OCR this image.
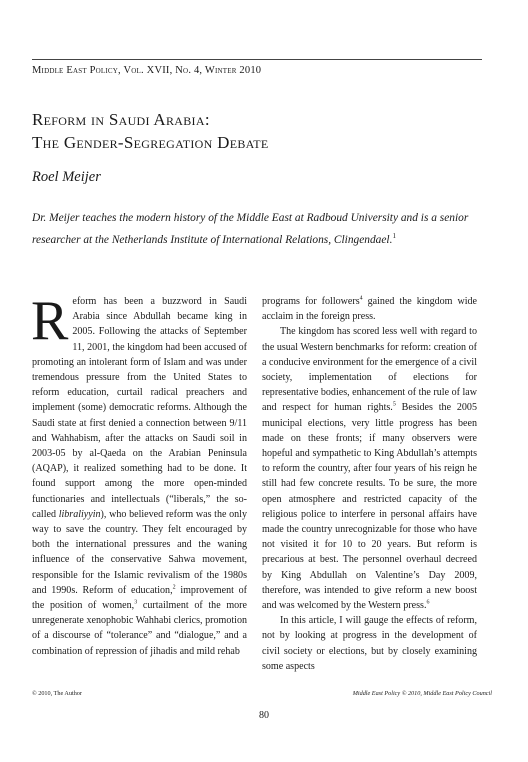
Middle East Policy, Vol. XVII, No. 4, Winter 2010
Reform in Saudi Arabia:
The Gender-Segregation Debate
Roel Meijer
Dr. Meijer teaches the modern history of the Middle East at Radboud University and is a senior researcher at the Netherlands Institute of International Relations, Clingendael.$^1$

Reform has been a buzzword in Saudi Arabia since Abdullah became king in 2005. Following the attacks of September 11, 2001, the kingdom had been accused of promoting an intolerant form of Islam and was under tremendous pressure from the United States to reform education, curtail radical preachers and implement (some) democratic reforms. Although the Saudi state at first denied a connection between 9/11 and Wahhabism, after the attacks on Saudi soil in 2003-05 by al-Qaeda on the Arabian Peninsula (AQAP), it realized something had to be done. It found support among the more open-minded functionaries and intellectuals (“liberals,” the so-called libraliyyin), who believed reform was the only way to save the country. They felt encouraged by both the international pressures and the waning influence of the conservative Sahwa movement, responsible for the Islamic revivalism of the 1980s and 1990s. Reform of education,$^2$ improvement of the position of women,$^3$ curtailment of the more unregenerate xenophobic Wahhabi clerics, promotion of a discourse of “tolerance” and “dialogue,” and a combination of repression of jihadis and mild rehab

programs for followers$^4$ gained the kingdom wide acclaim in the foreign press.

The kingdom has scored less well with regard to the usual Western benchmarks for reform: creation of a conducive environment for the emergence of a civil society, implementation of elections for representative bodies, enhancement of the rule of law and respect for human rights.$^5$ Besides the 2005 municipal elections, very little progress has been made on these fronts; if many observers were hopeful and sympathetic to King Abdullah’s attempts to reform the country, after four years of his reign he still had few concrete results. To be sure, the more open atmosphere and restricted capacity of the religious police to interfere in personal affairs have made the country unrecognizable for those who have not visited it for 10 to 20 years. But reform is precarious at best. The personnel overhaul decreed by King Abdullah on Valentine’s Day 2009, therefore, was intended to give reform a new boost and was welcomed by the Western press.$^6$

In this article, I will gauge the effects of reform, not by looking at progress in the development of civil society or elections, but by closely examining some aspects

© 2010, The Author	Middle East Policy © 2010, Middle East Policy Council
80
